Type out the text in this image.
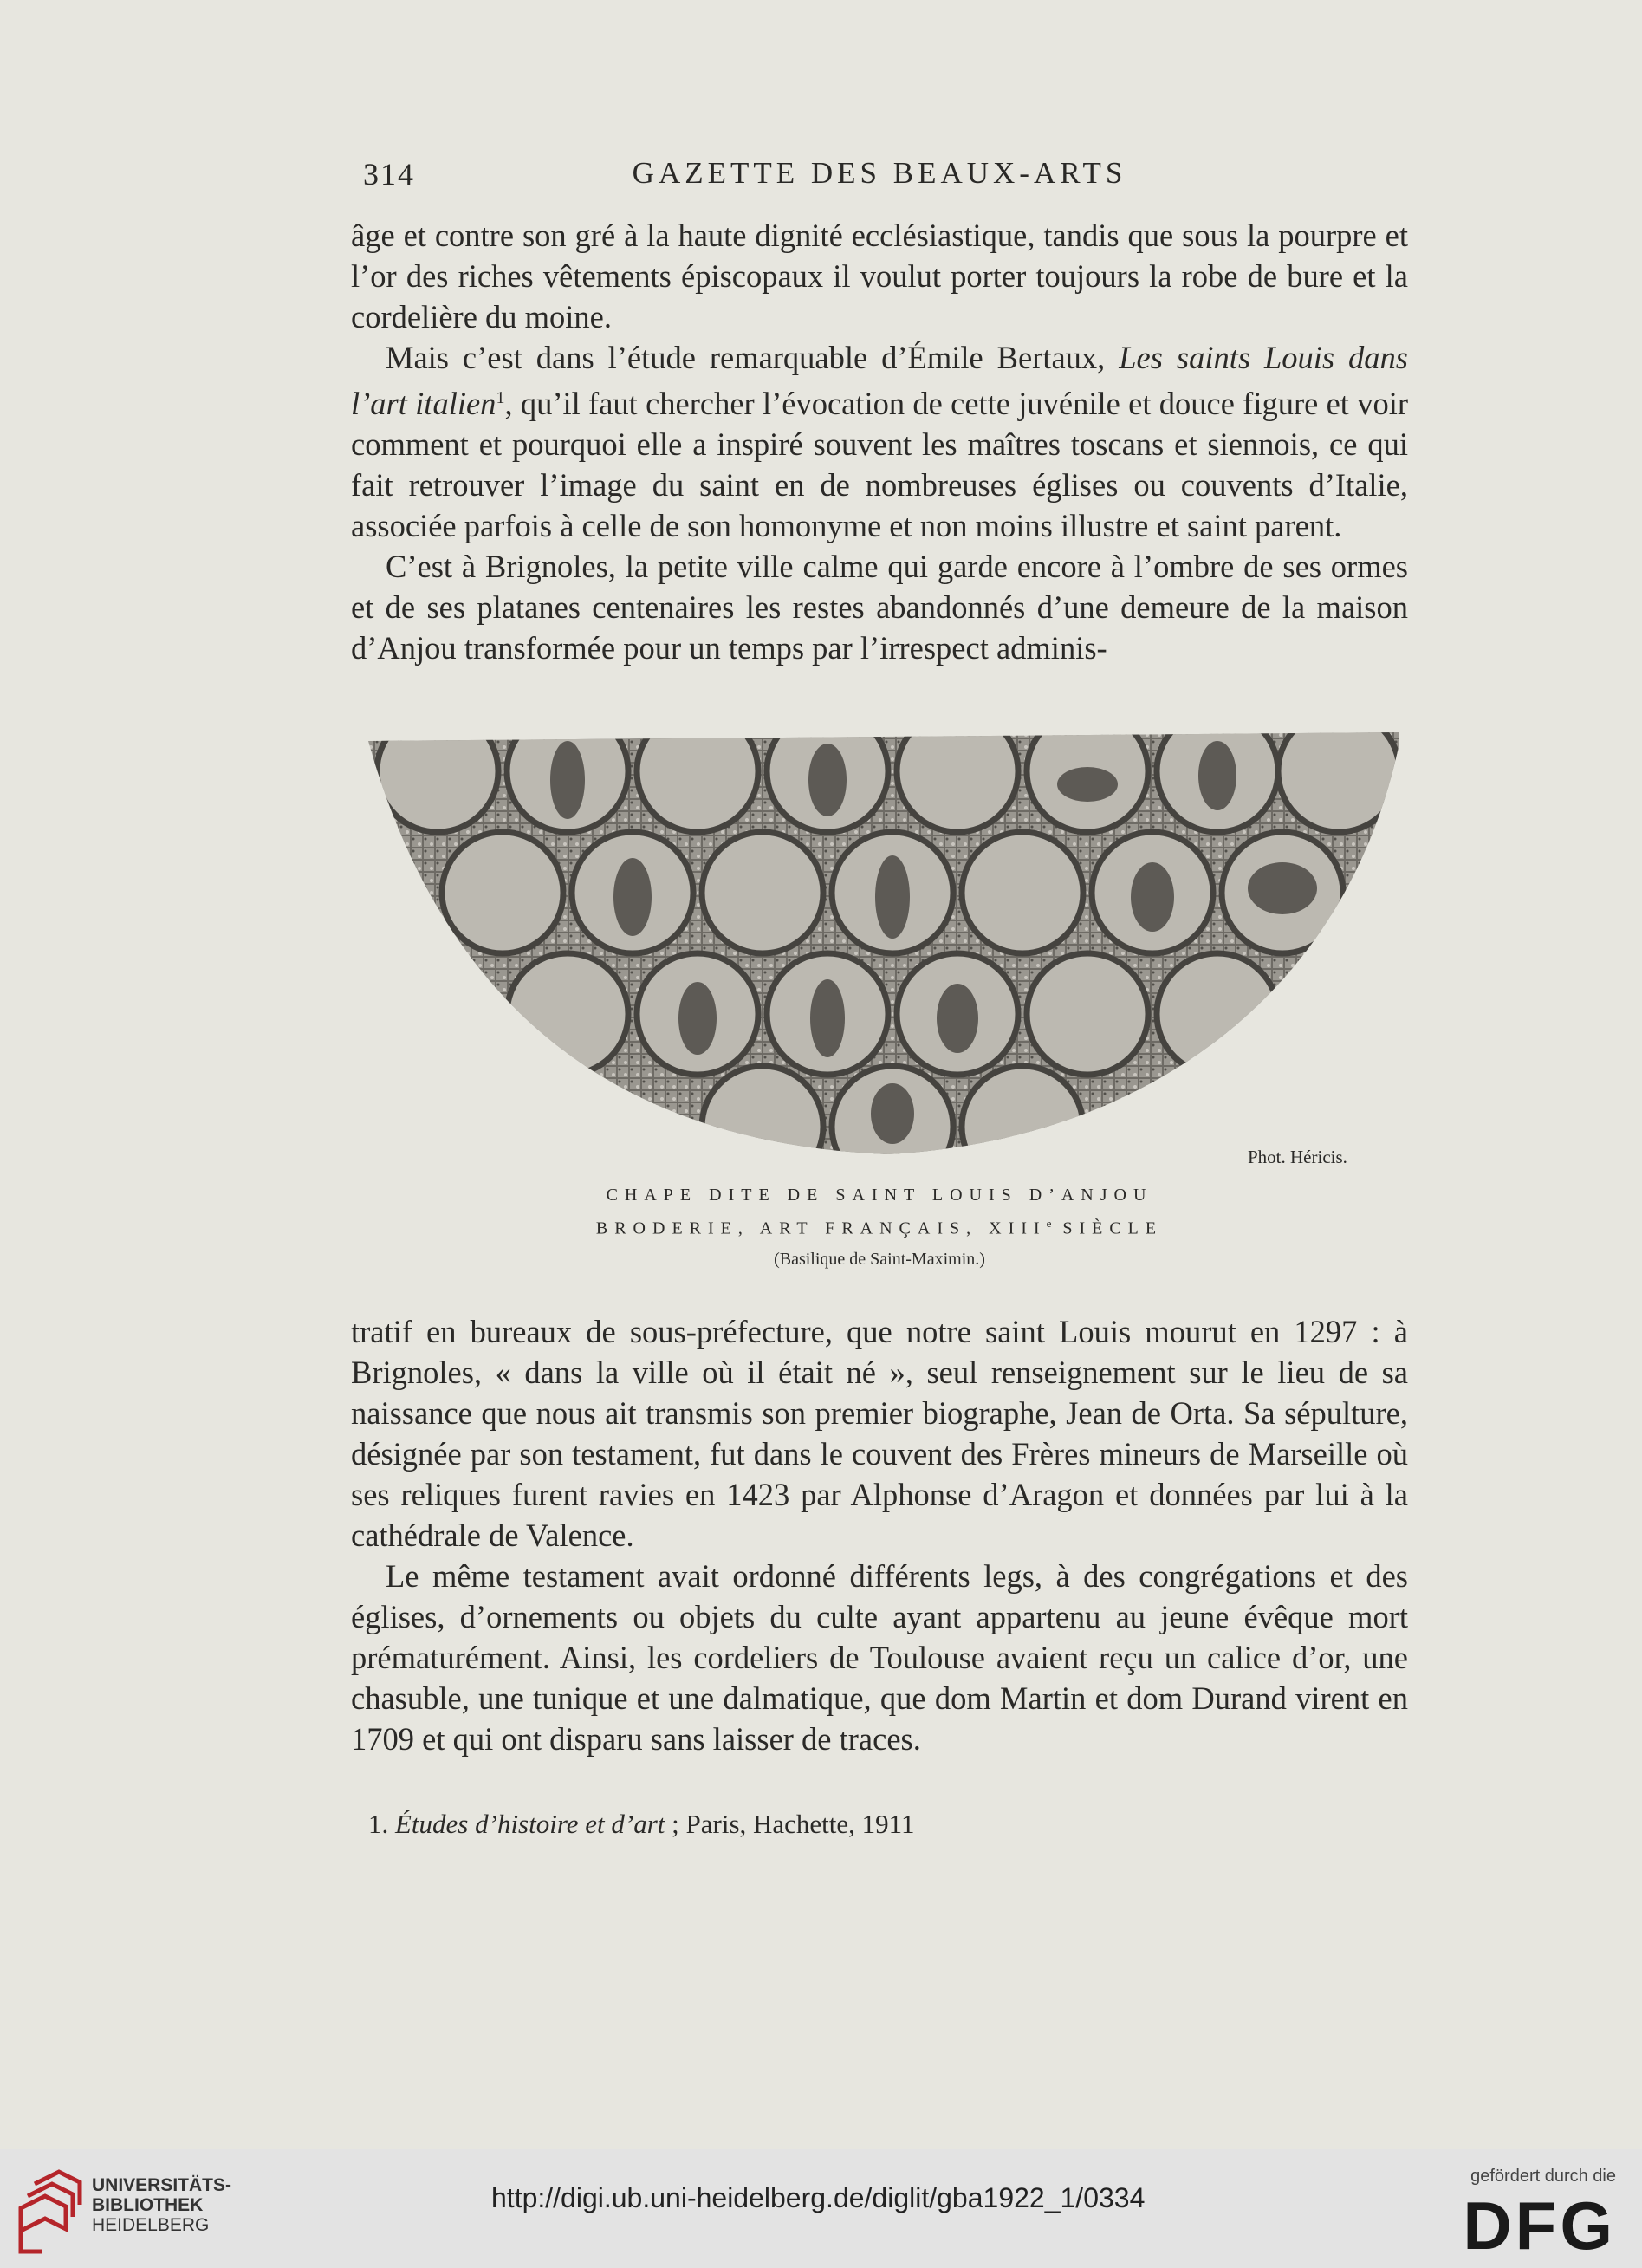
314	GAZETTE DES BEAUX-ARTS

âge et contre son gré à la haute dignité ecclésiastique, tandis que sous la pourpre et l’or des riches vêtements épiscopaux il voulut porter toujours la robe de bure et la cordelière du moine.

Mais c’est dans l’étude remarquable d’Émile Bertaux, Les saints Louis dans l’art italien$^1$, qu’il faut chercher l’évocation de cette juvénile et douce figure et voir comment et pourquoi elle a inspiré souvent les maîtres toscans et siennois, ce qui fait retrouver l’image du saint en de nombreuses églises ou couvents d’Italie, associée parfois à celle de son homonyme et non moins illustre et saint parent.

C’est à Brignoles, la petite ville calme qui garde encore à l’ombre de ses ormes et de ses platanes centenaires les restes abandonnés d’une demeure de la maison d’Anjou transformée pour un temps par l’irrespect adminis-

Phot. Héricis.
CHAPE DITE DE SAINT LOUIS D’ANJOU
BRODERIE, ART FRANÇAIS, XIIIe SIÈCLE
(Basilique de Saint-Maximin.)

tratif en bureaux de sous-préfecture, que notre saint Louis mourut en 1297 : à Brignoles, « dans la ville où il était né », seul renseignement sur le lieu de sa naissance que nous ait transmis son premier biographe, Jean de Orta. Sa sépulture, désignée par son testament, fut dans le couvent des Frères mineurs de Marseille où ses reliques furent ravies en 1423 par Alphonse d’Aragon et données par lui à la cathédrale de Valence.

Le même testament avait ordonné différents legs, à des congrégations et des églises, d’ornements ou objets du culte ayant appartenu au jeune évêque mort prématurément. Ainsi, les cordeliers de Toulouse avaient reçu un calice d’or, une chasuble, une tunique et une dalmatique, que dom Martin et dom Durand virent en 1709 et qui ont disparu sans laisser de traces.

1. Études d’histoire et d’art ; Paris, Hachette, 1911
UNIVERSITÄTS-
BIBLIOTHEK
HEIDELBERG
http://digi.ub.uni-heidelberg.de/diglit/gba1922_1/0334
gefördert durch die
DFG
